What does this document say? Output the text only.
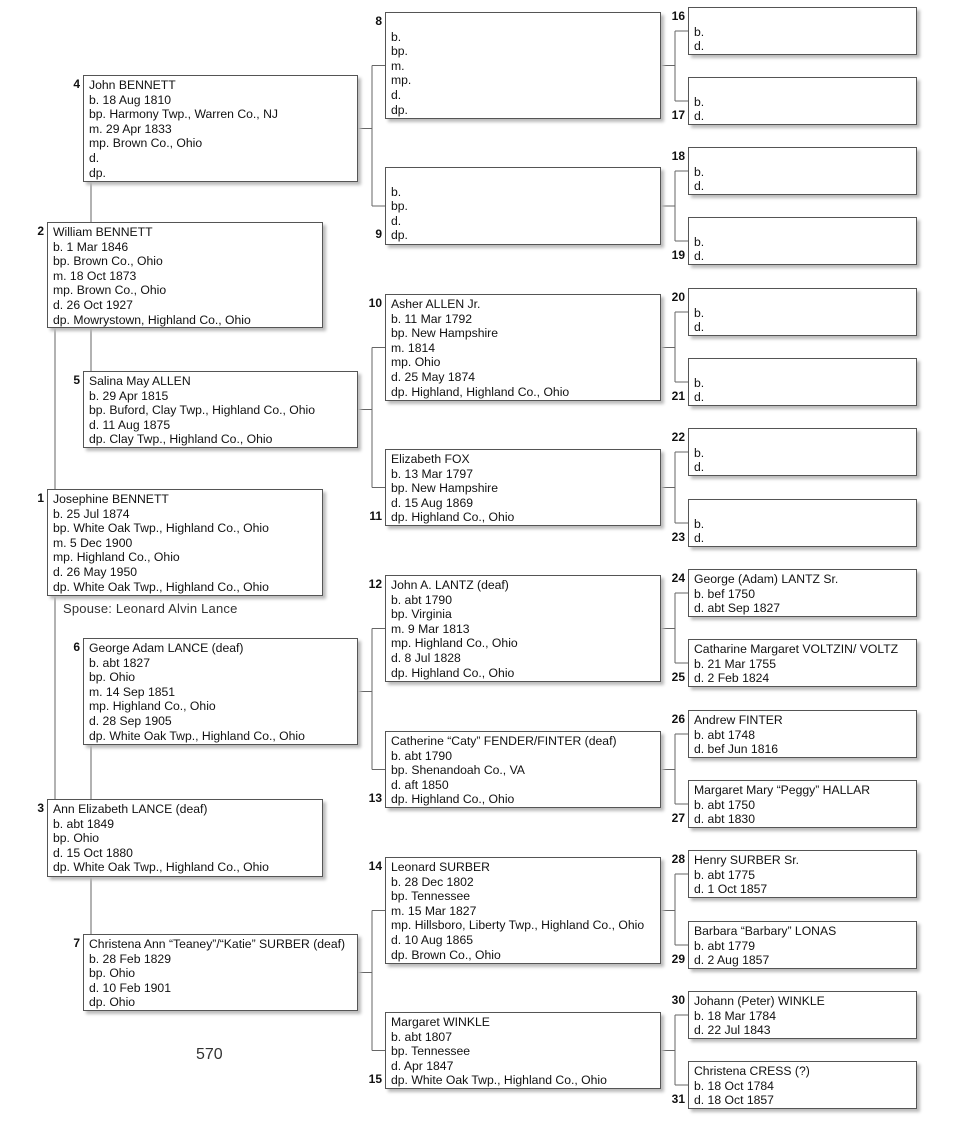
Josephine BENNETT
b. 25 Jul 1874
bp. White Oak Twp., Highland Co., Ohio
m. 5 Dec 1900
mp. Highland Co., Ohio
d. 26 May 1950
dp. White Oak Twp., Highland Co., Ohio
1
William BENNETT
b. 1 Mar 1846
bp. Brown Co., Ohio
m. 18 Oct 1873
mp. Brown Co., Ohio
d. 26 Oct 1927
dp. Mowrystown, Highland Co., Ohio
2
Ann Elizabeth LANCE (deaf)
b. abt 1849
bp. Ohio
d. 15 Oct 1880
dp. White Oak Twp., Highland Co., Ohio
3
John BENNETT
b. 18 Aug 1810
bp. Harmony Twp., Warren Co., NJ
m. 29 Apr 1833
mp. Brown Co., Ohio
d.
dp.
4
Salina May ALLEN
b. 29 Apr 1815
bp. Buford, Clay Twp., Highland Co., Ohio
d. 11 Aug 1875
dp. Clay Twp., Highland Co., Ohio
5
George Adam LANCE (deaf)
b. abt 1827
bp. Ohio
m. 14 Sep 1851
mp. Highland Co., Ohio
d. 28 Sep 1905
dp. White Oak Twp., Highland Co., Ohio
6
Christena Ann “Teaney”/“Katie” SURBER (deaf)
b. 28 Feb 1829
bp. Ohio
d. 10 Feb 1901
dp. Ohio
7

b.
bp.
m.
mp.
d.
dp.
8

b.
bp.
d.
dp.
9
Asher ALLEN Jr.
b. 11 Mar 1792
bp. New Hampshire
m. 1814
mp. Ohio
d. 25 May 1874
dp. Highland, Highland Co., Ohio
10
Elizabeth FOX
b. 13 Mar 1797
bp. New Hampshire
d. 15 Aug 1869
dp. Highland Co., Ohio
11
John A. LANTZ (deaf)
b. abt 1790
bp. Virginia
m. 9 Mar 1813
mp. Highland Co., Ohio
d. 8 Jul 1828
dp. Highland Co., Ohio
12
Catherine “Caty” FENDER/FINTER (deaf)
b. abt 1790
bp. Shenandoah Co., VA
d. aft 1850
dp. Highland Co., Ohio
13
Leonard SURBER
b. 28 Dec 1802
bp. Tennessee
m. 15 Mar 1827
mp. Hillsboro, Liberty Twp., Highland Co., Ohio
d. 10 Aug 1865
dp. Brown Co., Ohio
14
Margaret WINKLE
b. abt 1807
bp. Tennessee
d. Apr 1847
dp. White Oak Twp., Highland Co., Ohio
15

b.
d.
16

b.
d.
17

b.
d.
18

b.
d.
19

b.
d.
20

b.
d.
21

b.
d.
22

b.
d.
23
George (Adam) LANTZ Sr.
b. bef 1750
d. abt Sep 1827
24
Catharine Margaret VOLTZIN/ VOLTZ
b. 21 Mar 1755
d. 2 Feb 1824
25
Andrew FINTER
b. abt 1748
d. bef Jun 1816
26
Margaret Mary “Peggy” HALLAR
b. abt 1750
d. abt 1830
27
Henry SURBER Sr.
b. abt 1775
d. 1 Oct 1857
28
Barbara “Barbary” LONAS
b. abt 1779
d. 2 Aug 1857
29
Johann (Peter) WINKLE
b. 18 Mar 1784
d. 22 Jul 1843
30
Christena CRESS (?)
b. 18 Oct 1784
d. 18 Oct 1857
31
Spouse: Leonard Alvin Lance
570
